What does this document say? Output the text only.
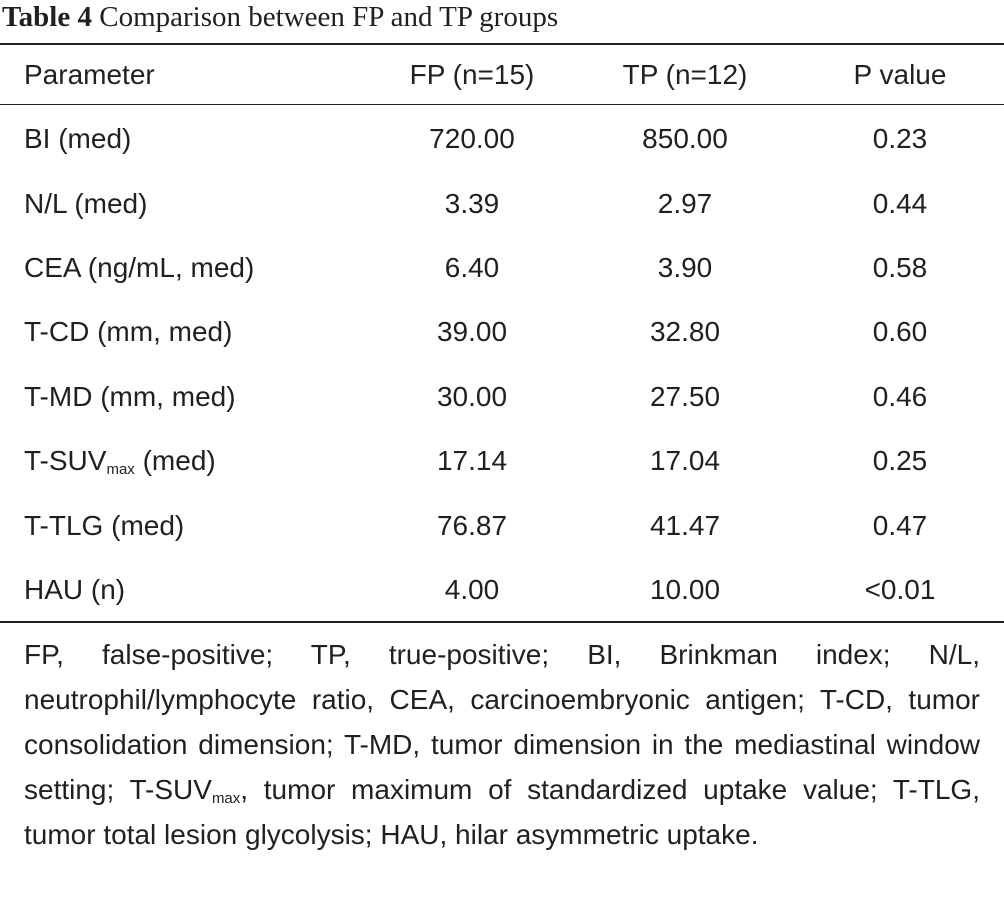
Table 4 Comparison between FP and TP groups
Parameter	FP (n=15)	TP (n=12)	P value
BI (med)	720.00	850.00	0.23
N/L (med)	3.39	2.97	0.44
CEA (ng/mL, med)	6.40	3.90	0.58
T-CD (mm, med)	39.00	32.80	0.60
T-MD (mm, med)	30.00	27.50	0.46
$T-SUV_{max}$ (med)	17.14	17.04	0.25
T-TLG (med)	76.87	41.47	0.47
HAU (n)	4.00	10.00	<0.01
FP, false-positive; TP, true-positive; BI, Brinkman index; N/L, neutrophil/lymphocyte ratio, CEA, carcinoembryonic antigen; T-CD, tumor consolidation dimension; T-MD, tumor dimension in the mediastinal window setting; $T-SUV_{max}$, tumor maximum of standardized uptake value; T-TLG, tumor total lesion glycolysis; HAU, hilar asymmetric uptake.
